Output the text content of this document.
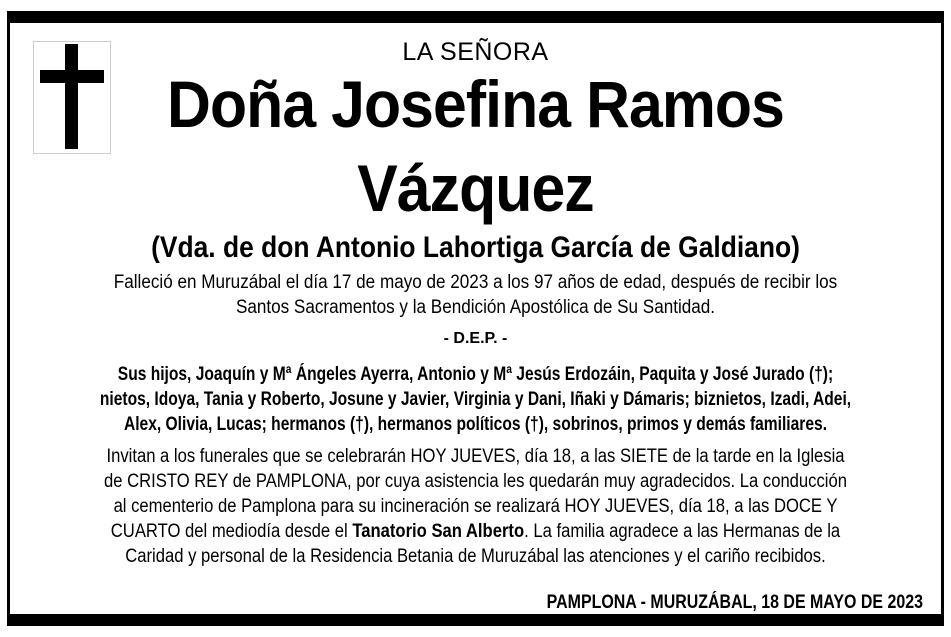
LA SEÑORA
Doña Josefina Ramos
Vázquez
(Vda. de don Antonio Lahortiga García de Galdiano)
Falleció en Muruzábal el día 17 de mayo de 2023 a los 97 años de edad, después de recibir los
Santos Sacramentos y la Bendición Apostólica de Su Santidad.
- D.E.P. -
Sus hijos, Joaquín y Mª Ángeles Ayerra, Antonio y Mª Jesús Erdozáin, Paquita y José Jurado (†);
nietos, Idoya, Tania y Roberto, Josune y Javier, Virginia y Dani, Iñaki y Dámaris; biznietos, Izadi, Adei,
Alex, Olivia, Lucas; hermanos (†), hermanos políticos (†), sobrinos, primos y demás familiares.
Invitan a los funerales que se celebrarán HOY JUEVES, día 18, a las SIETE de la tarde en la Iglesia
de CRISTO REY de PAMPLONA, por cuya asistencia les quedarán muy agradecidos. La conducción
al cementerio de Pamplona para su incineración se realizará HOY JUEVES, día 18, a las DOCE Y
CUARTO del mediodía desde el Tanatorio San Alberto. La familia agradece a las Hermanas de la
Caridad y personal de la Residencia Betania de Muruzábal las atenciones y el cariño recibidos.
PAMPLONA - MURUZÁBAL, 18 DE MAYO DE 2023
